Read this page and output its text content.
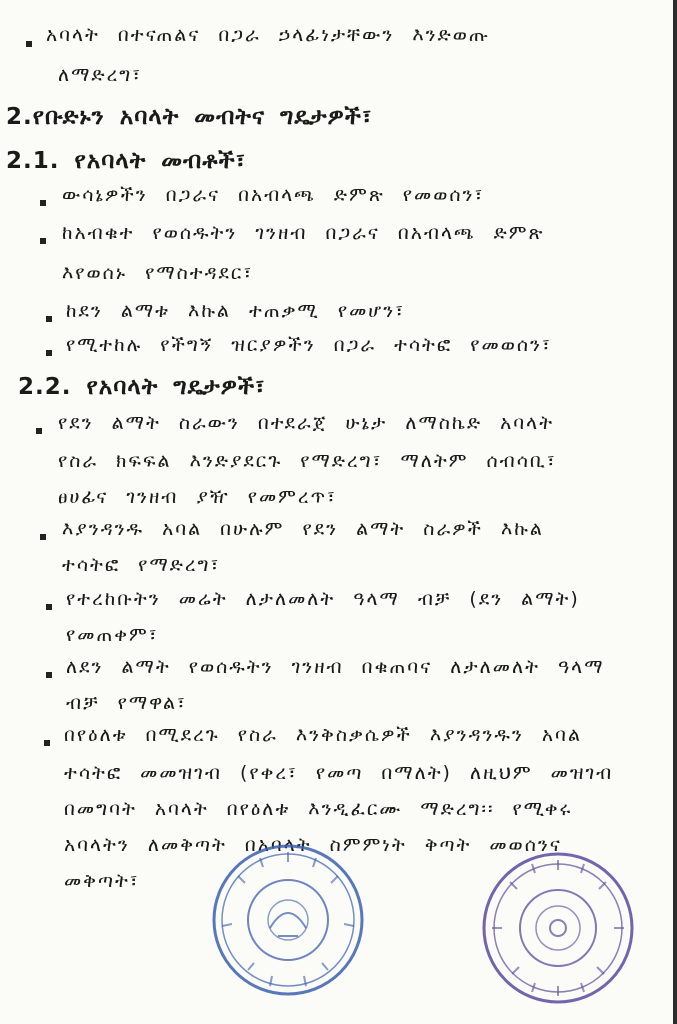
አባላት በተናጠልና በጋራ ኃላፊነታቸውን እንድወጡ
ለማድረግ፣
2.የቡድኑን አባላት መብትና ግዴታዎች፣
2.1. የአባላት መብቶች፣
ውሳኔዎችን በጋራና በአብላጫ ድምጽ የመወሰን፣
ከአብቁተ የወሰዱትን ገንዘብ በጋራና በአብላጫ ድምጽ
እየወሰኑ የማስተዳደር፣
ከደን ልማቱ እኩል ተጠቃሚ የመሆን፣
የሚተከሉ የችግኝ ዝርያዎችን በጋራ ተሳትፎ የመወሰን፣
2.2. የአባላት ግዴታዎች፣
የደን ልማት ስራውን በተደራጀ ሁኔታ ለማስኬድ አባላት
የስራ ክፍፍል እንድያደርጉ የማድረግ፣ ማለትም ሰብሳቢ፣
ፀሀፊና ገንዘብ ያዥ የመምረጥ፣
እያንዳንዱ አባል በሁሉም የደን ልማት ስራዎች እኩል
ተሳትፎ የማድረግ፣
የተረከቡትን መሬት ለታለመለት ዓላማ ብቻ (ደን ልማት)
የመጠቀም፣
ለደን ልማት የወሰዱትን ገንዘብ በቁጠባና ለታለመለት ዓላማ
ብቻ የማዋል፣
በየዕለቱ በሚደረጉ የስራ እንቅስቃሴዎች እያንዳንዱን አባል
ተሳትፎ መመዝገብ (የቀረ፣ የመጣ በማለት) ለዚህም መዝገብ
በመግባት አባላት በየዕለቱ እንዲፈርሙ ማድረግ፡፡ የሚቀሩ
አባላትን ለመቅጣት በአባላት ስምምነት ቅጣት መወሰንና
መቅጣት፣
